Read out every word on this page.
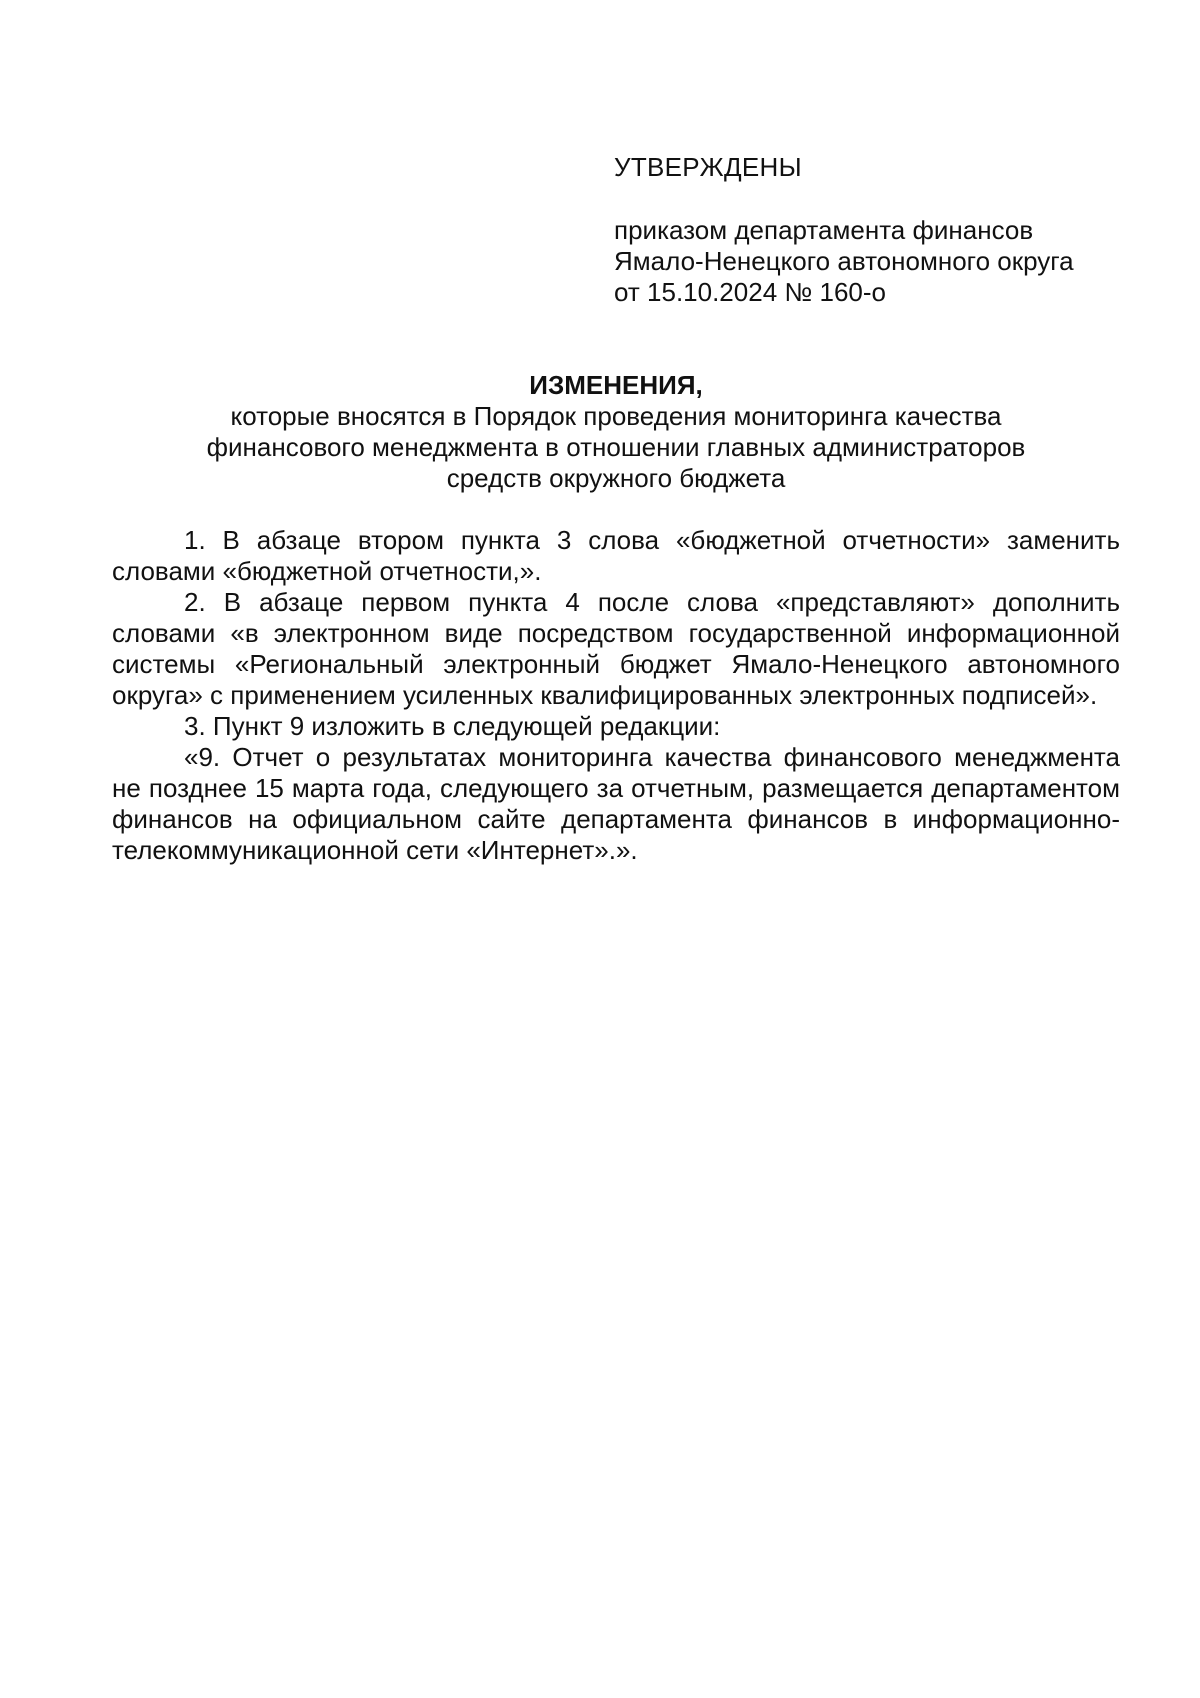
УТВЕРЖДЕНЫ
приказом департамента финансов
Ямало-Ненецкого автономного округа
от 15.10.2024 № 160-о
ИЗМЕНЕНИЯ,
которые вносятся в Порядок проведения мониторинга качества финансового менеджмента в отношении главных администраторов средств окружного бюджета

1. В абзаце втором пункта 3 слова «бюджетной отчетности» заменить словами «бюджетной отчетности,».

2. В абзаце первом пункта 4 после слова «представляют» дополнить словами «в электронном виде посредством государственной информационной системы «Региональный электронный бюджет Ямало-Ненецкого автономного округа» с применением усиленных квалифицированных электронных подписей».

3. Пункт 9 изложить в следующей редакции:

«9. Отчет о результатах мониторинга качества финансового менеджмента не позднее 15 марта года, следующего за отчетным, размещается департаментом финансов на официальном сайте департамента финансов в информационно-телекоммуникационной сети «Интернет».».
